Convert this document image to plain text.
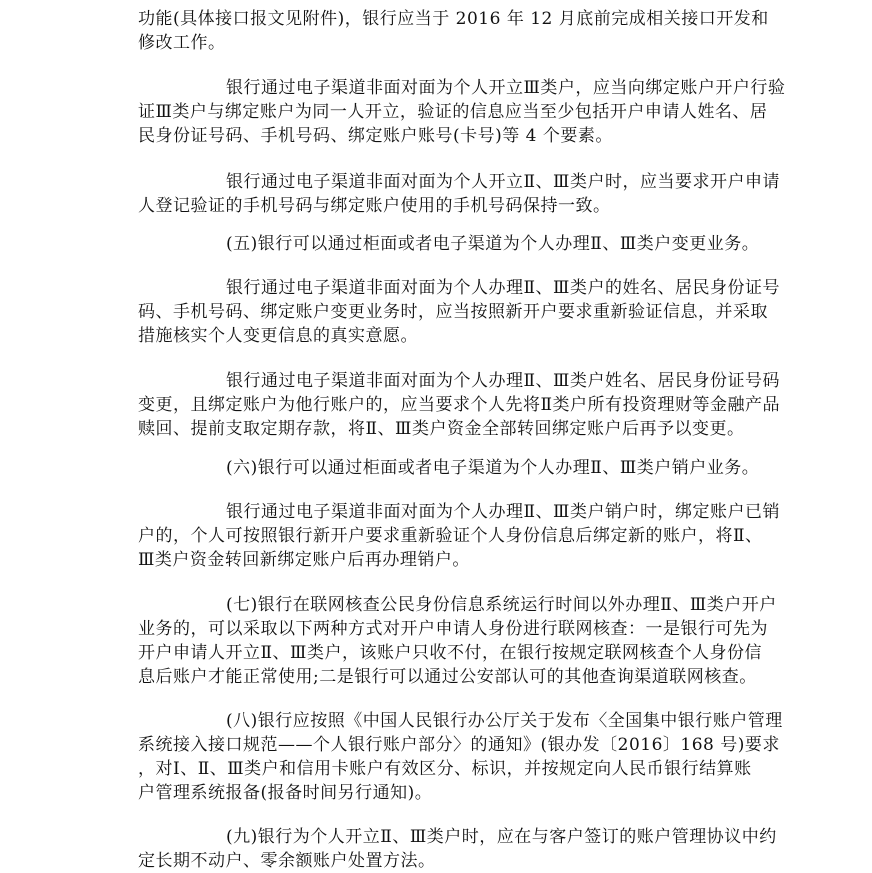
功能(具体接口报文见附件)，银行应当于 2016 年 12 月底前完成相关接口开发和
修改工作。

银行通过电子渠道非面对面为个人开立Ⅲ类户，应当向绑定账户开户行验
证Ⅲ类户与绑定账户为同一人开立，验证的信息应当至少包括开户申请人姓名、居
民身份证号码、手机号码、绑定账户账号(卡号)等 4 个要素。

银行通过电子渠道非面对面为个人开立Ⅱ、Ⅲ类户时，应当要求开户申请
人登记验证的手机号码与绑定账户使用的手机号码保持一致。

(五)银行可以通过柜面或者电子渠道为个人办理Ⅱ、Ⅲ类户变更业务。

银行通过电子渠道非面对面为个人办理Ⅱ、Ⅲ类户的姓名、居民身份证号
码、手机号码、绑定账户变更业务时，应当按照新开户要求重新验证信息，并采取
措施核实个人变更信息的真实意愿。

银行通过电子渠道非面对面为个人办理Ⅱ、Ⅲ类户姓名、居民身份证号码
变更，且绑定账户为他行账户的，应当要求个人先将Ⅱ类户所有投资理财等金融产品
赎回、提前支取定期存款，将Ⅱ、Ⅲ类户资金全部转回绑定账户后再予以变更。

(六)银行可以通过柜面或者电子渠道为个人办理Ⅱ、Ⅲ类户销户业务。

银行通过电子渠道非面对面为个人办理Ⅱ、Ⅲ类户销户时，绑定账户已销
户的，个人可按照银行新开户要求重新验证个人身份信息后绑定新的账户，将Ⅱ、
Ⅲ类户资金转回新绑定账户后再办理销户。

(七)银行在联网核查公民身份信息系统运行时间以外办理Ⅱ、Ⅲ类户开户
业务的，可以采取以下两种方式对开户申请人身份进行联网核查：一是银行可先为
开户申请人开立Ⅱ、Ⅲ类户，该账户只收不付，在银行按规定联网核查个人身份信
息后账户才能正常使用;二是银行可以通过公安部认可的其他查询渠道联网核查。

(八)银行应按照《中国人民银行办公厅关于发布〈全国集中银行账户管理
系统接入接口规范——个人银行账户部分〉的通知》(银办发〔2016〕168 号)要求
，对Ⅰ、Ⅱ、Ⅲ类户和信用卡账户有效区分、标识，并按规定向人民币银行结算账
户管理系统报备(报备时间另行通知)。

(九)银行为个人开立Ⅱ、Ⅲ类户时，应在与客户签订的账户管理协议中约
定长期不动户、零余额账户处置方法。
